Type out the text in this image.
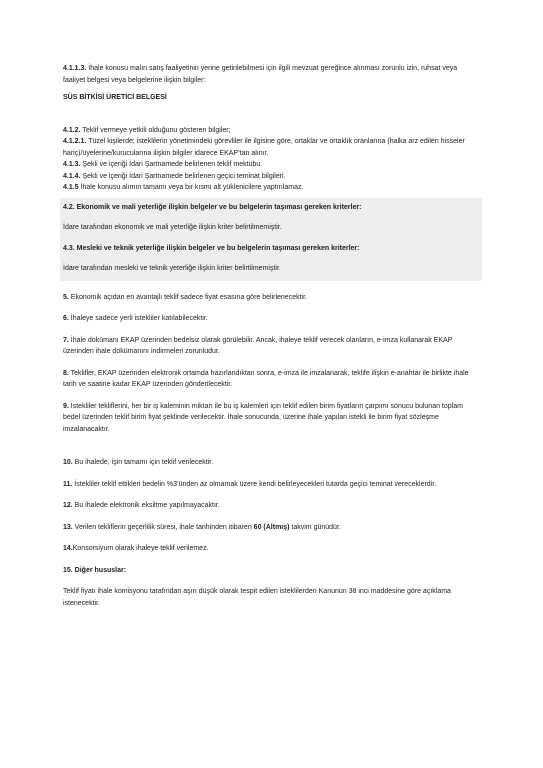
4.1.1.3. İhale konusu malın satış faaliyetinin yerine getirilebilmesi için ilgili mevzuat gereğince alınması zorunlu izin, ruhsat veya faaliyet belgesi veya belgelerine ilişkin bilgiler:

SÜS BİTKİSİ ÜRETİCİ BELGESİ

4.1.2. Teklif vermeye yetkili olduğunu gösteren bilgiler;

4.1.2.1. Tüzel kişilerde; isteklilerin yönetimindeki görevliler ile ilgisine göre, ortaklar ve ortaklık oranlarına (halka arz edilen hisseler hariç)/üyelerine/kurucularına ilişkin bilgiler idarece EKAP’tan alınır.

4.1.3. Şekli ve içeriği İdari Şartnamede belirlenen teklif mektubu.

4.1.4. Şekli ve içeriği İdari Şartnamede belirlenen geçici teminat bilgileri.

4.1.5 İhale konusu alımın tamamı veya bir kısmı alt yüklenicilere yaptırılamaz.

4.2. Ekonomik ve mali yeterliğe ilişkin belgeler ve bu belgelerin taşıması gereken kriterler:

İdare tarafından ekonomik ve mali yeterliğe ilişkin kriter belirtilmemiştir.

4.3. Mesleki ve teknik yeterliğe ilişkin belgeler ve bu belgelerin taşıması gereken kriterler:

İdare tarafından mesleki ve teknik yeterliğe ilişkin kriter belirtilmemiştir.

5. Ekonomik açıdan en avantajlı teklif sadece fiyat esasına göre belirlenecektir.

6. İhaleye sadece yerli istekliler katılabilecektir.

7. İhale dokümanı EKAP üzerinden bedelsiz olarak görülebilir. Ancak, ihaleye teklif verecek olanların, e-imza kullanarak EKAP üzerinden ihale dokümanını indirmeleri zorunludur.

8. Teklifler, EKAP üzerinden elektronik ortamda hazırlandıktan sonra, e-imza ile imzalanarak, teklife ilişkin e-anahtar ile birlikte ihale tarih ve saatine kadar EKAP üzerinden gönderilecektir.

9. İstekliler tekliflerini, her bir iş kaleminin miktarı ile bu iş kalemleri için teklif edilen birim fiyatların çarpımı sonucu bulunan toplam bedel üzerinden teklif birim fiyat şeklinde verilecektir. İhale sonucunda, üzerine ihale yapılan istekli ile birim fiyat sözleşme imzalanacaktır.

10. Bu ihalede, işin tamamı için teklif verilecektir.

11. İstekliler teklif ettikleri bedelin %3’ünden az olmamak üzere kendi belirleyecekleri tutarda geçici teminat vereceklerdir.

12. Bu ihalede elektronik eksiltme yapılmayacaktır.

13. Verilen tekliflerin geçerlilik süresi, ihale tarihinden itibaren 60 (Altmış) takvim günüdür.

14.Konsorsiyum olarak ihaleye teklif verilemez.

15. Diğer hususlar:

Teklif fiyatı ihale komisyonu tarafından aşırı düşük olarak tespit edilen isteklilerden Kanunun 38 inci maddesine göre açıklama istenecektir.
